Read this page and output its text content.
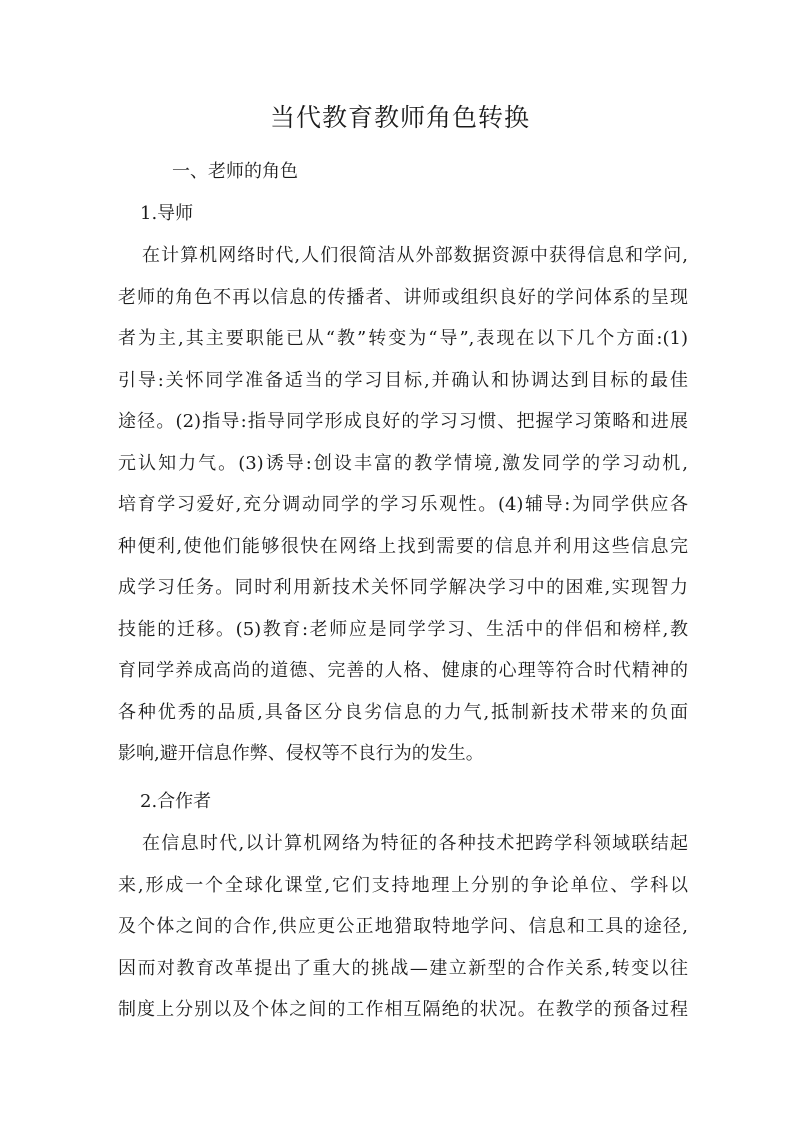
当代教育教师角色转换
一、老师的角色
1.导师
在计算机网络时代,人们很简洁从外部数据资源中获得信息和学问,
老师的角色不再以信息的传播者、讲师或组织良好的学问体系的呈现
者为主,其主要职能已从“教”转变为“导”,表现在以下几个方面:(1)
引导:关怀同学准备适当的学习目标,并确认和协调达到目标的最佳
途径。(2)指导:指导同学形成良好的学习习惯、把握学习策略和进展
元认知力气。(3)诱导:创设丰富的教学情境,激发同学的学习动机,
培育学习爱好,充分调动同学的学习乐观性。(4)辅导:为同学供应各
种便利,使他们能够很快在网络上找到需要的信息并利用这些信息完
成学习任务。同时利用新技术关怀同学解决学习中的困难,实现智力
技能的迁移。(5)教育:老师应是同学学习、生活中的伴侣和榜样,教
育同学养成高尚的道德、完善的人格、健康的心理等符合时代精神的
各种优秀的品质,具备区分良劣信息的力气,抵制新技术带来的负面
影响,避开信息作弊、侵权等不良行为的发生。
2.合作者
在信息时代,以计算机网络为特征的各种技术把跨学科领域联结起
来,形成一个全球化课堂,它们支持地理上分别的争论单位、学科以
及个体之间的合作,供应更公正地猎取特地学问、信息和工具的途径,
因而对教育改革提出了重大的挑战—建立新型的合作关系,转变以往
制度上分别以及个体之间的工作相互隔绝的状况。在教学的预备过程
